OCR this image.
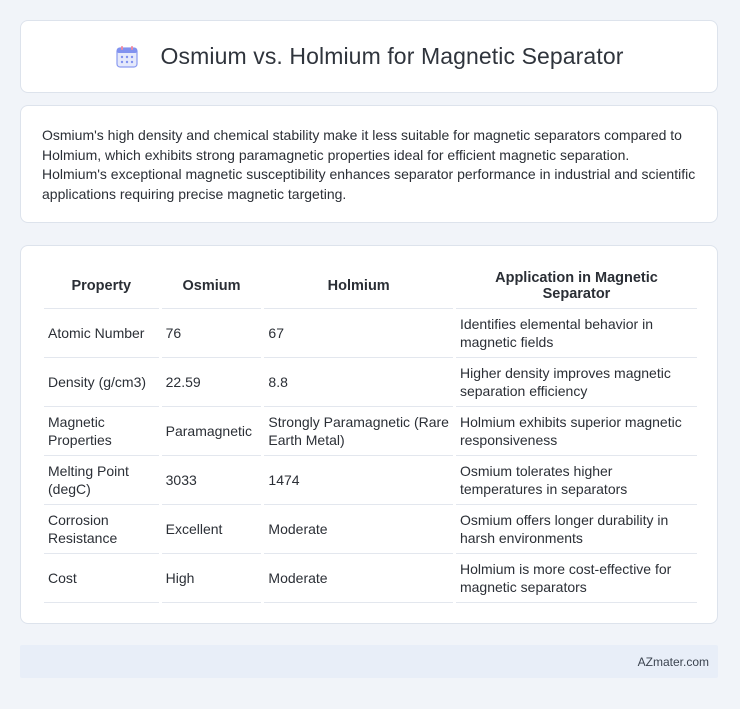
Osmium vs. Holmium for Magnetic Separator

Osmium's high density and chemical stability make it less suitable for magnetic separators compared to Holmium, which exhibits strong paramagnetic properties ideal for efficient magnetic separation. Holmium's exceptional magnetic susceptibility enhances separator performance in industrial and scientific applications requiring precise magnetic targeting.

Property	Osmium	Holmium	Application in Magnetic Separator
Atomic Number	76	67	Identifies elemental behavior in magnetic fields
Density (g/cm3)	22.59	8.8	Higher density improves magnetic separation efficiency
Magnetic Properties	Paramagnetic	Strongly Paramagnetic (Rare Earth Metal)	Holmium exhibits superior magnetic responsiveness
Melting Point (degC)	3033	1474	Osmium tolerates higher temperatures in separators
Corrosion Resistance	Excellent	Moderate	Osmium offers longer durability in harsh environments
Cost	High	Moderate	Holmium is more cost-effective for magnetic separators
AZmater.com
